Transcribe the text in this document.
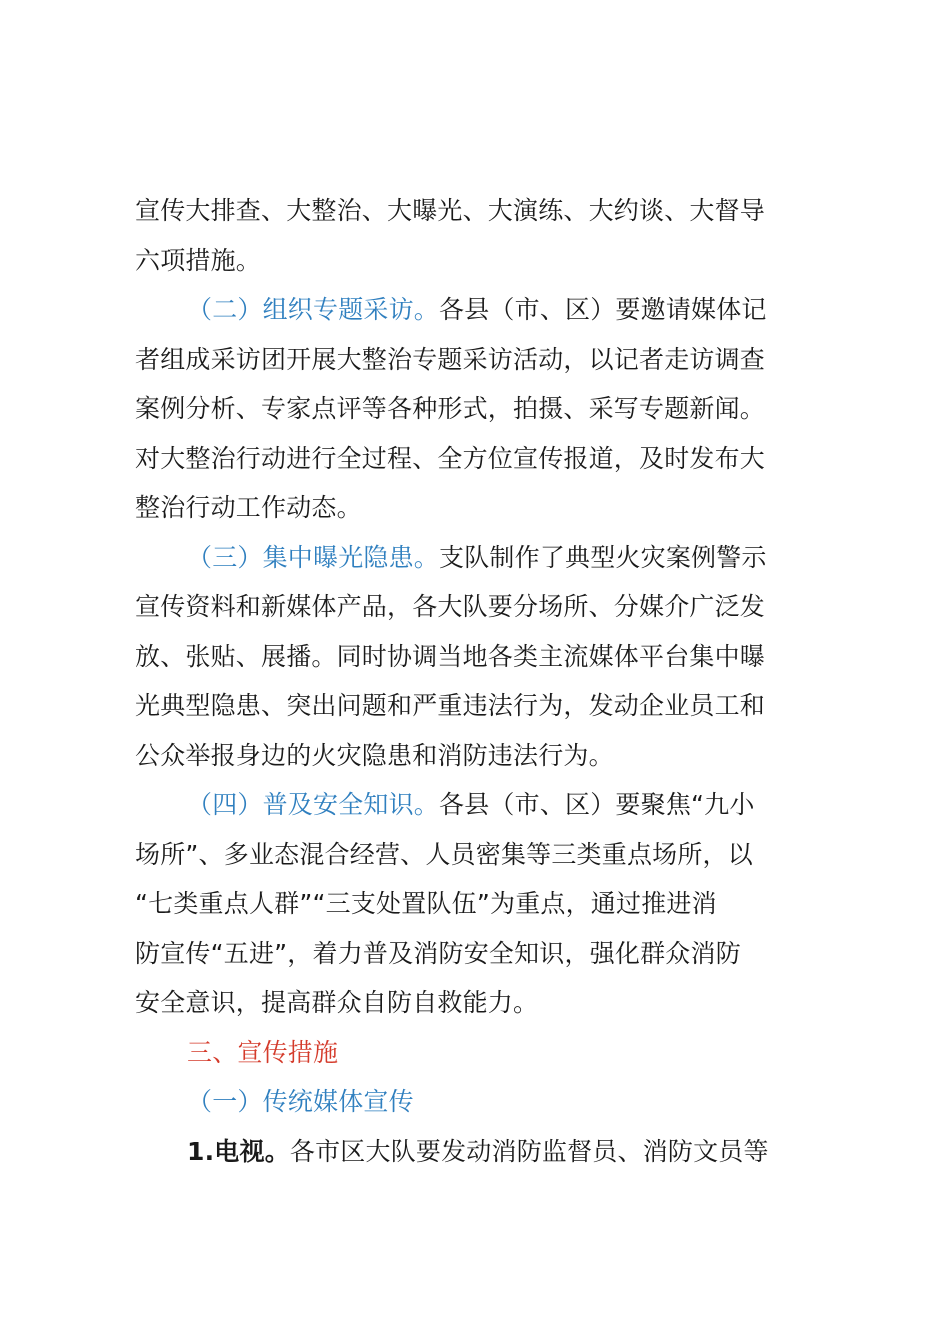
宣传大排查、大整治、大曝光、大演练、大约谈、大督导
六项措施。
（二）组织专题采访。各县（市、区）要邀请媒体记
者组成采访团开展大整治专题采访活动，以记者走访调查
案例分析、专家点评等各种形式，拍摄、采写专题新闻。
对大整治行动进行全过程、全方位宣传报道，及时发布大
整治行动工作动态。
（三）集中曝光隐患。支队制作了典型火灾案例警示
宣传资料和新媒体产品，各大队要分场所、分媒介广泛发
放、张贴、展播。同时协调当地各类主流媒体平台集中曝
光典型隐患、突出问题和严重违法行为，发动企业员工和
公众举报身边的火灾隐患和消防违法行为。
（四）普及安全知识。各县（市、区）要聚焦“九小
场所”、多业态混合经营、人员密集等三类重点场所，以
“七类重点人群”“三支处置队伍”为重点，通过推进消
防宣传“五进”，着力普及消防安全知识，强化群众消防
安全意识，提高群众自防自救能力。
三、宣传措施
（一）传统媒体宣传
1.电视。各市区大队要发动消防监督员、消防文员等
